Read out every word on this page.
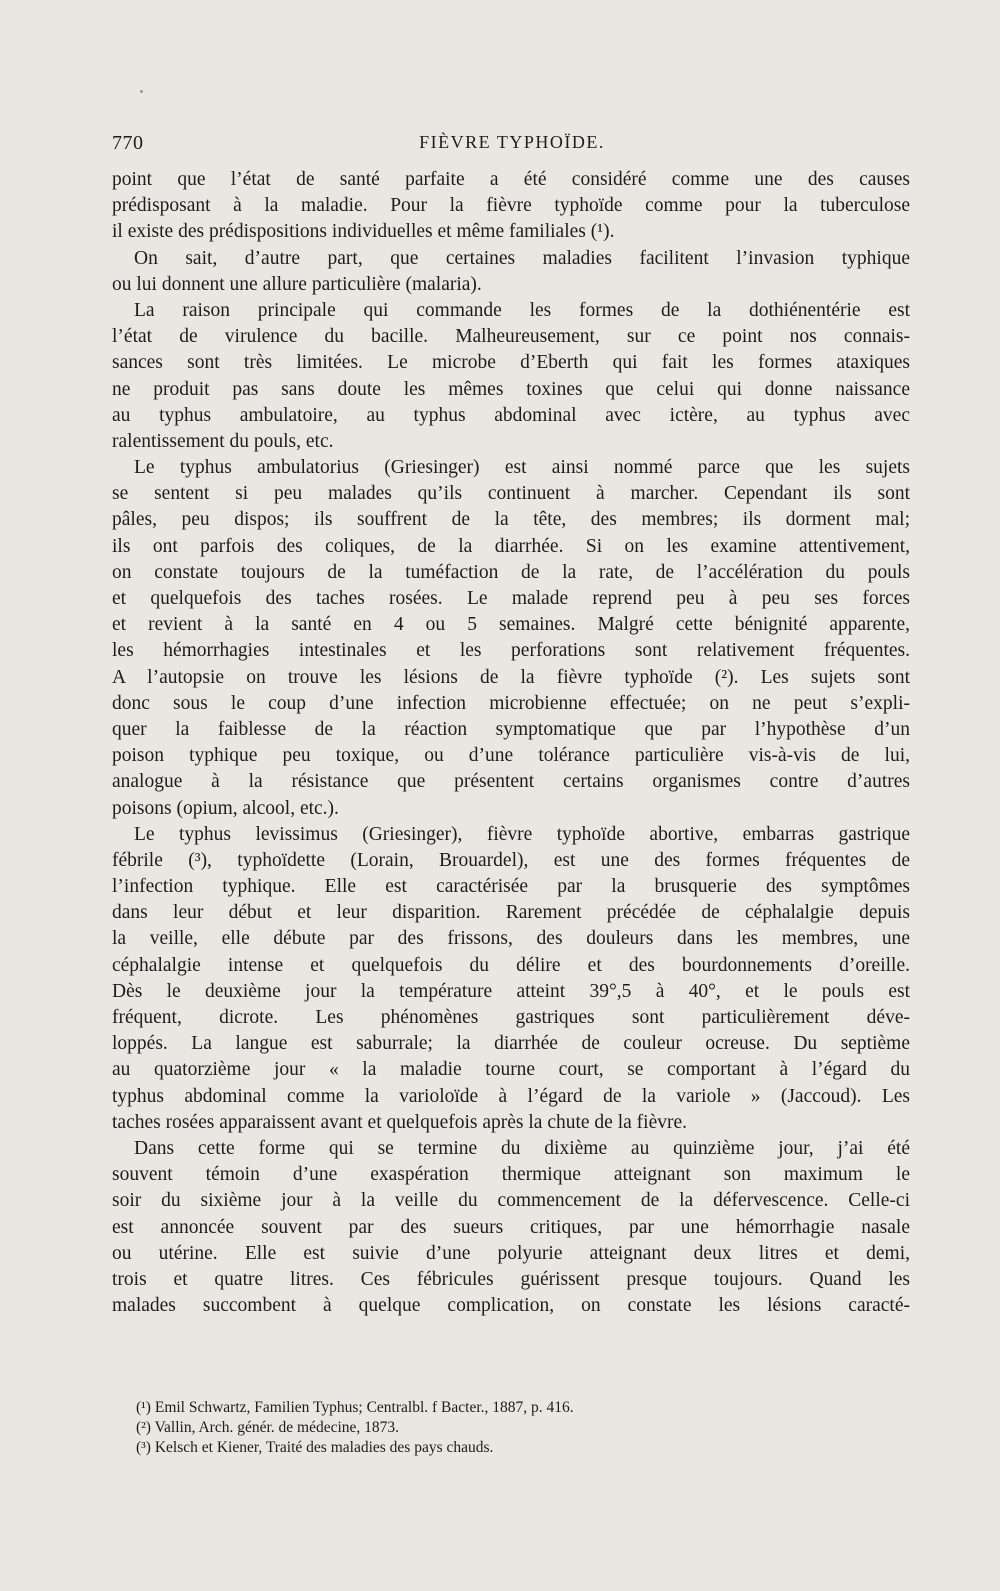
770	FIÈVRE TYPHOÏDE.
point que l’état de santé parfaite a été considéré comme une des causes
prédisposant à la maladie. Pour la fièvre typhoïde comme pour la tuberculose
il existe des prédispositions individuelles et même familiales (¹).
On sait, d’autre part, que certaines maladies facilitent l’invasion typhique
ou lui donnent une allure particulière (malaria).
La raison principale qui commande les formes de la dothiénentérie est
l’état de virulence du bacille. Malheureusement, sur ce point nos connais-
sances sont très limitées. Le microbe d’Eberth qui fait les formes ataxiques
ne produit pas sans doute les mêmes toxines que celui qui donne naissance
au typhus ambulatoire, au typhus abdominal avec ictère, au typhus avec
ralentissement du pouls, etc.
Le typhus ambulatorius (Griesinger) est ainsi nommé parce que les sujets
se sentent si peu malades qu’ils continuent à marcher. Cependant ils sont
pâles, peu dispos; ils souffrent de la tête, des membres; ils dorment mal;
ils ont parfois des coliques, de la diarrhée. Si on les examine attentivement,
on constate toujours de la tuméfaction de la rate, de l’accélération du pouls
et quelquefois des taches rosées. Le malade reprend peu à peu ses forces
et revient à la santé en 4 ou 5 semaines. Malgré cette bénignité apparente,
les hémorrhagies intestinales et les perforations sont relativement fréquentes.
A l’autopsie on trouve les lésions de la fièvre typhoïde (²). Les sujets sont
donc sous le coup d’une infection microbienne effectuée; on ne peut s’expli-
quer la faiblesse de la réaction symptomatique que par l’hypothèse d’un
poison typhique peu toxique, ou d’une tolérance particulière vis-à-vis de lui,
analogue à la résistance que présentent certains organismes contre d’autres
poisons (opium, alcool, etc.).
Le typhus levissimus (Griesinger), fièvre typhoïde abortive, embarras gastrique
fébrile (³), typhoïdette (Lorain, Brouardel), est une des formes fréquentes de
l’infection typhique. Elle est caractérisée par la brusquerie des symptômes
dans leur début et leur disparition. Rarement précédée de céphalalgie depuis
la veille, elle débute par des frissons, des douleurs dans les membres, une
céphalalgie intense et quelquefois du délire et des bourdonnements d’oreille.
Dès le deuxième jour la température atteint 39°,5 à 40°, et le pouls est
fréquent, dicrote. Les phénomènes gastriques sont particulièrement déve-
loppés. La langue est saburrale; la diarrhée de couleur ocreuse. Du septième
au quatorzième jour « la maladie tourne court, se comportant à l’égard du
typhus abdominal comme la varioloïde à l’égard de la variole » (Jaccoud). Les
taches rosées apparaissent avant et quelquefois après la chute de la fièvre.
Dans cette forme qui se termine du dixième au quinzième jour, j’ai été
souvent témoin d’une exaspération thermique atteignant son maximum le
soir du sixième jour à la veille du commencement de la défervescence. Celle-ci
est annoncée souvent par des sueurs critiques, par une hémorrhagie nasale
ou utérine. Elle est suivie d’une polyurie atteignant deux litres et demi,
trois et quatre litres. Ces fébricules guérissent presque toujours. Quand les
malades succombent à quelque complication, on constate les lésions caracté-
(¹) Emil Schwartz, Familien Typhus; Centralbl. f Bacter., 1887, p. 416.
(²) Vallin, Arch. génér. de médecine, 1873.
(³) Kelsch et Kiener, Traité des maladies des pays chauds.
